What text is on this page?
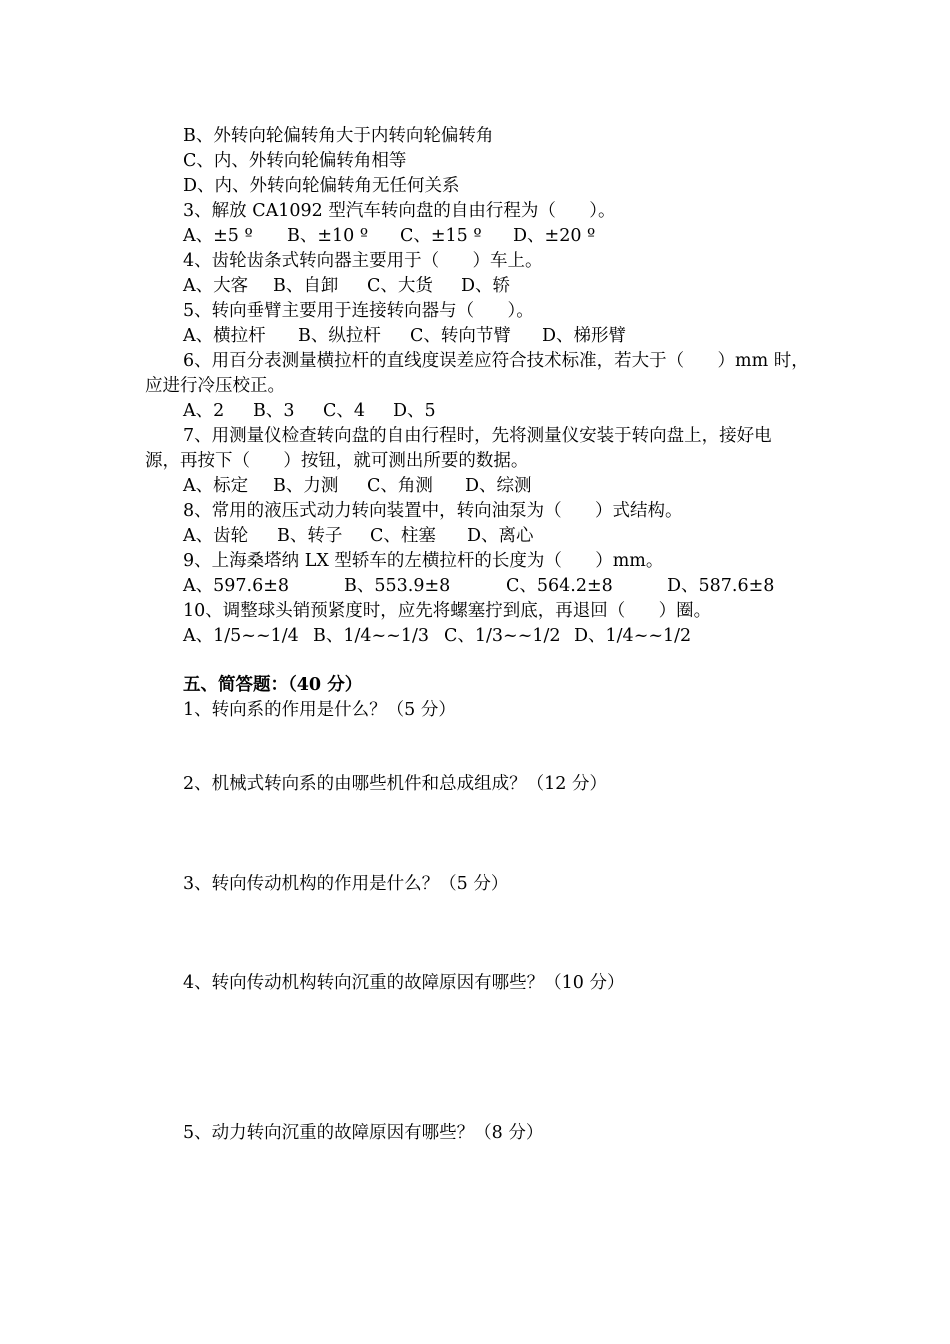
B、外转向轮偏转角大于内转向轮偏转角
C、内、外转向轮偏转角相等
D、内、外转向轮偏转角无任何关系
3、解放 CA1092 型汽车转向盘的自由行程为（      ）。
A、±5 º B、±10 º C、±15 º D、±20 º
4、齿轮齿条式转向器主要用于（      ）车上。
A、大客 B、自卸 C、大货 D、轿
5、转向垂臂主要用于连接转向器与（      ）。
A、横拉杆 B、纵拉杆 C、转向节臂 D、梯形臂
6、用百分表测量横拉杆的直线度误差应符合技术标准，若大于（      ）mm 时，
应进行冷压校正。
A、2 B、3 C、4 D、5
7、用测量仪检查转向盘的自由行程时，先将测量仪安装于转向盘上，接好电
源，再按下（      ）按钮，就可测出所要的数据。
A、标定 B、力测 C、角测 D、综测
8、常用的液压式动力转向装置中，转向油泵为（      ）式结构。
A、齿轮 B、转子 C、柱塞 D、离心
9、上海桑塔纳 LX 型轿车的左横拉杆的长度为（      ）mm。
A、597.6±8	B、553.9±8	C、564.2±8	D、587.6±8
10、调整球头销预紧度时，应先将螺塞拧到底，再退回（      ）圈。
A、1/5~~1/4 B、1/4~~1/3 C、1/3~~1/2 D、1/4~~1/2
五、简答题：（40 分）
1、转向系的作用是什么？（5 分）
2、机械式转向系的由哪些机件和总成组成？（12 分）
3、转向传动机构的作用是什么？（5 分）
4、转向传动机构转向沉重的故障原因有哪些？（10 分）
5、动力转向沉重的故障原因有哪些？（8 分）
